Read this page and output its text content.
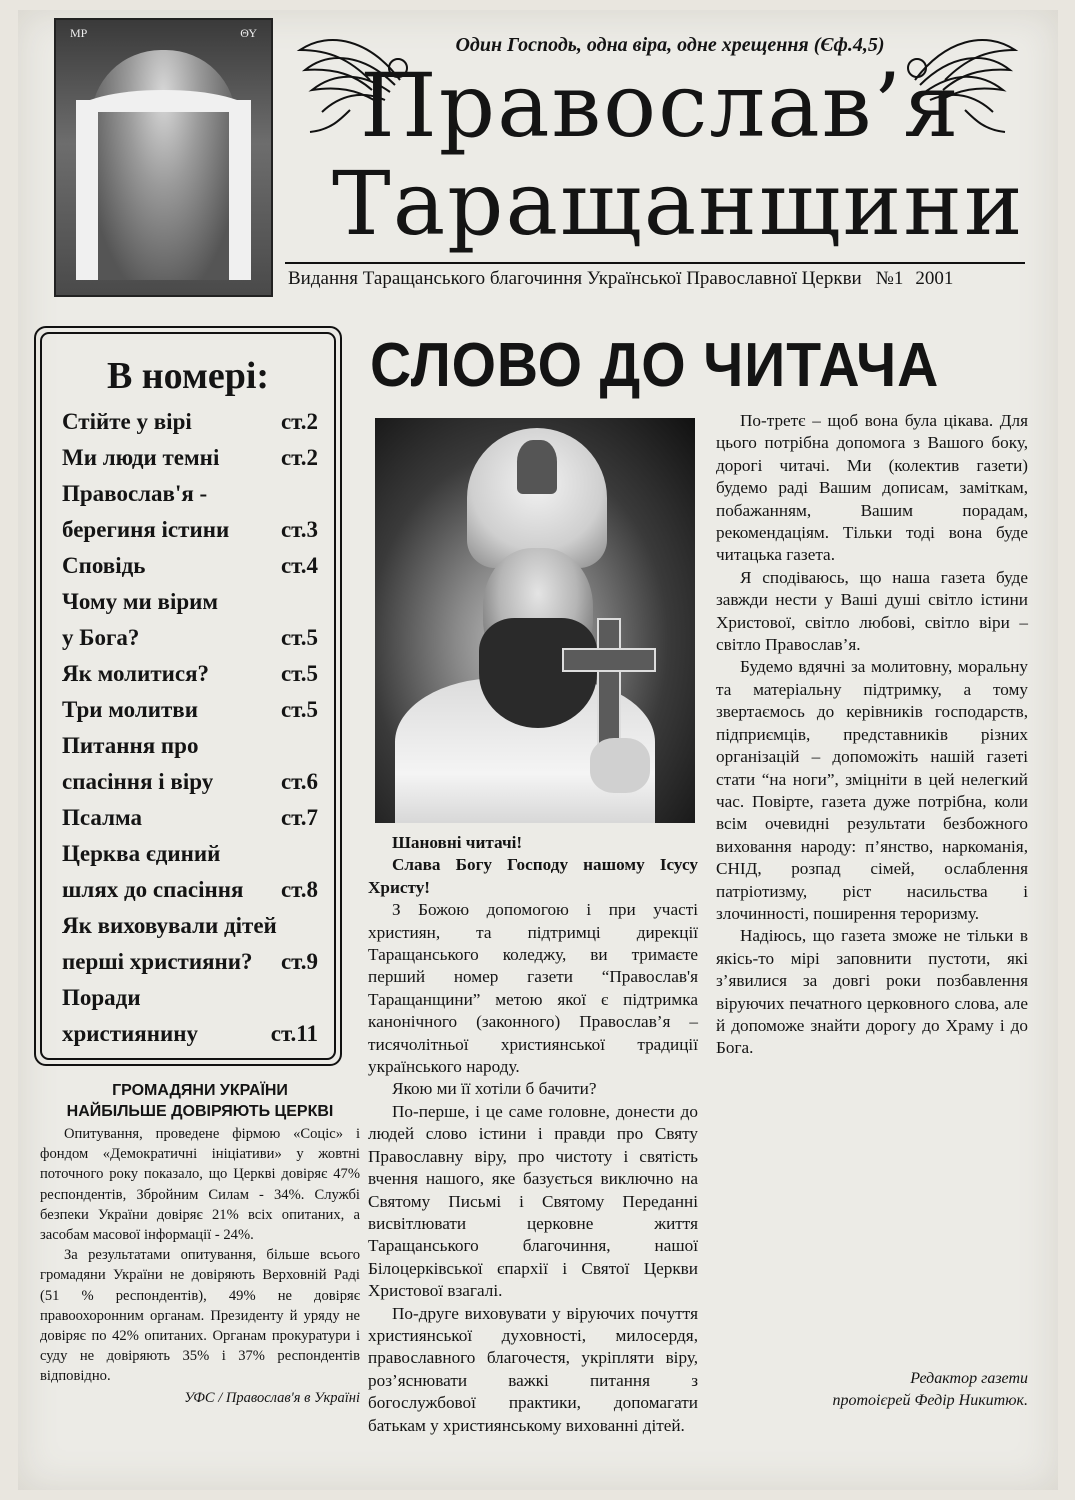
МР	ΘΥ
Один Господь, одна віра, одне хрещення (Єф.4,5)
Православ’я
Таращанщини
Видання Таращанського благочиння Української Православної Церкви №1 2001
В номері:
Стійте у вірі	ст.2
Ми люди темні	ст.2
Православ'я -
берегиня істини ст.3
Сповідь	ст.4
Чому ми вірим
у Бога?	ст.5
Як молитися?	ст.5
Три молитви	ст.5
Питання про
спасіння і віру	ст.6
Псалма	ст.7
Церква єдиний
шлях до спасіння ст.8
Як виховували дітей
перші християни? ст.9
Поради
християнину	ст.11
ГРОМАДЯНИ УКРАЇНИ
НАЙБІЛЬШЕ ДОВІРЯЮТЬ ЦЕРКВІ

Опитування, проведене фірмою «Соціс» і фондом «Демократичні ініціативи» у жовтні поточного року показало, що Церкві довіряє 47% респондентів, Збройним Силам - 34%. Службі безпеки України довіряє 21% всіх опитаних, а засобам масової інформації - 24%.

За результатами опитування, більше всього громадяни України не довіряють Верховній Раді (51 % респондентів), 49% не довіряє правоохоронним органам. Президенту й уряду не довіряє по 42% опитаних. Органам прокуратури і суду не довіряють 35% і 37% респондентів відповідно.

УФС / Православ'я в Україні
СЛОВО ДО ЧИТАЧА

Шановні читачі!

Слава Богу Господу нашому Ісусу Христу!

З Божою допомогою і при участі християн, та підтримці дирекції Таращанського коледжу, ви тримаєте перший номер газети “Православ'я Таращанщини” метою якої є підтримка канонічного (законного) Православ’я – тисячолітньої християнської традиції українського народу.

Якою ми її хотіли б бачити?

По-перше, і це саме головне, донести до людей слово істини і правди про Святу Православну віру, про чистоту і святість вчення нашого, яке базується виключно на Святому Письмі і Святому Переданні висвітлювати церковне життя Таращанського благочиння, нашої Білоцерківської єпархії і Святої Церкви Христової взагалі.

По-друге виховувати у віруючих почуття християнської духовності, милосердя, православного благочестя, укріпляти віру, роз’яснювати важкі питання з богослужбової практики, допомагати батькам у християнському вихованні дітей.

По-третє – щоб вона була цікава. Для цього потрібна допомога з Вашого боку, дорогі читачі. Ми (колектив газети) будемо раді Вашим дописам, заміткам, побажанням, Вашим порадам, рекомендаціям. Тільки тоді вона буде читацька газета.

Я сподіваюсь, що наша газета буде завжди нести у Ваші душі світло істини Христової, світло любові, світло віри – світло Православ’я.

Будемо вдячні за молитовну, моральну та матеріальну підтримку, а тому звертаємось до керівників господарств, підприємців, представників різних організацій – допоможіть нашій газеті стати “на ноги”, зміцніти в цей нелегкий час. Повірте, газета дуже потрібна, коли всім очевидні результати безбожного виховання народу: п’янство, наркоманія, СНІД, розпад сімей, ослаблення патріотизму, ріст насильства і злочинності, поширення тероризму.

Надіюсь, що газета зможе не тільки в якісь-то мірі заповнити пустоти, які з’явилися за довгі роки позбавлення віруючих печатного церковного слова, але й допоможе знайти дорогу до Храму і до Бога.

Редактор газети
протоієрей Федір Никитюк.
